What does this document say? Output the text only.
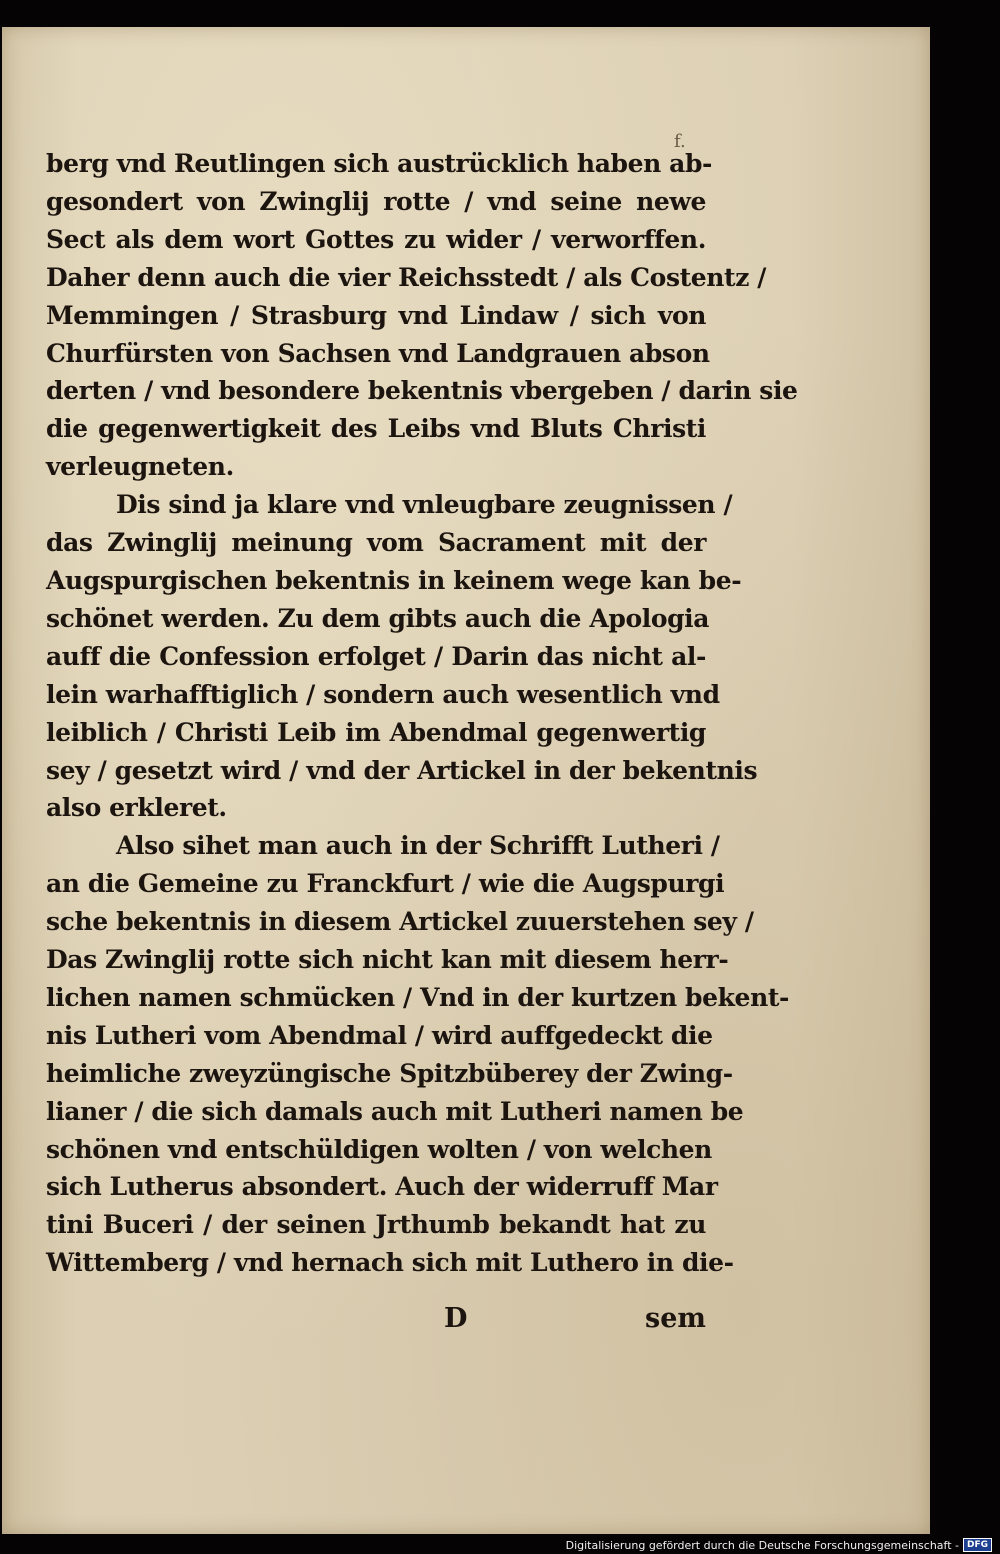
f.
berg vnd Reutlingen sich austrücklich haben ab-
gesondert von Zwinglij rotte / vnd seine newe
Sect als dem wort Gottes zu wider / verworffen.
Daher denn auch die vier Reichsstedt / als Costentz /
Memmingen / Strasburg vnd Lindaw / sich von
Churfürsten von Sachsen vnd Landgrauen abson
derten / vnd besondere bekentnis vbergeben / darin sie
die gegenwertigkeit des Leibs vnd Bluts Christi
verleugneten.
Dis sind ja klare vnd vnleugbare zeugnissen /
das Zwinglij meinung vom Sacrament mit der
Augspurgischen bekentnis in keinem wege kan be-
schönet werden. Zu dem gibts auch die Apologia
auff die Confession erfolget / Darin das nicht al-
lein warhafftiglich / sondern auch wesentlich vnd
leiblich / Christi Leib im Abendmal gegenwertig
sey / gesetzt wird / vnd der Artickel in der bekentnis
also erkleret.
Also sihet man auch in der Schrifft Lutheri /
an die Gemeine zu Franckfurt / wie die Augspurgi
sche bekentnis in diesem Artickel zuuerstehen sey /
Das Zwinglij rotte sich nicht kan mit diesem herr-
lichen namen schmücken / Vnd in der kurtzen bekent-
nis Lutheri vom Abendmal / wird auffgedeckt die
heimliche zweyzüngische Spitzbüberey der Zwing-
lianer / die sich damals auch mit Lutheri namen be
schönen vnd entschüldigen wolten / von welchen
sich Lutherus absondert. Auch der widerruff Mar
tini Buceri / der seinen Jrthumb bekandt hat zu
Wittemberg / vnd hernach sich mit Luthero in die-
D	sem
Digitalisierung gefördert durch die Deutsche Forschungsgemeinschaft - DFG
